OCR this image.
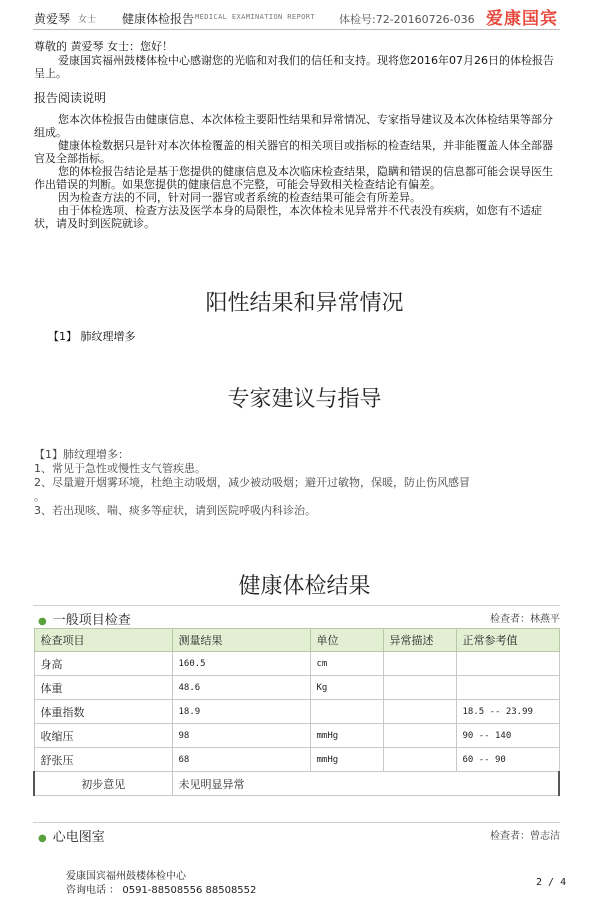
黄爱琴 女士 健康体检报告 MEDICAL EXAMINATION REPORT 体检号:72-20160726-036 爱康国宾
尊敬的 黄爱琴 女士：您好！
爱康国宾福州鼓楼体检中心感谢您的光临和对我们的信任和支持。现将您2016年07月26日的体检报告呈上。
报告阅读说明
您本次体检报告由健康信息、本次体检主要阳性结果和异常情况、专家指导建议及本次体检结果等部分组成。
健康体检数据只是针对本次体检覆盖的相关器官的相关项目或指标的检查结果，并非能覆盖人体全部器官及全部指标。
您的体检报告结论是基于您提供的健康信息及本次临床检查结果，隐瞒和错误的信息都可能会误导医生作出错误的判断。如果您提供的健康信息不完整，可能会导致相关检查结论有偏差。
因为检查方法的不同，针对同一器官或者系统的检查结果可能会有所差异。
由于体检选项、检查方法及医学本身的局限性，本次体检未见异常并不代表没有疾病，如您有不适症状，请及时到医院就诊。
阳性结果和异常情况
【1】 肺纹理增多
专家建议与指导
【1】肺纹理增多：
1、常见于急性或慢性支气管疾患。
2、尽量避开烟雾环境，杜绝主动吸烟，减少被动吸烟；避开过敏物，保暖，防止伤风感冒
。
3、若出现咳、喘、痰多等症状，请到医院呼吸内科诊治。
健康体检结果
● 一般项目检查	检查者：林燕平
检查项目	测量结果	单位	异常描述	正常参考值
身高	160.5	cm		
体重	48.6	Kg		
体重指数	18.9			18.5 -- 23.99
收缩压	98	mmHg		90 -- 140
舒张压	68	mmHg		60 -- 90
初步意见	未见明显异常			
● 心电图室	检查者：曾志洁
爱康国宾福州鼓楼体检中心
咨询电话 ： 0591-88508556 88508552
2 / 4
